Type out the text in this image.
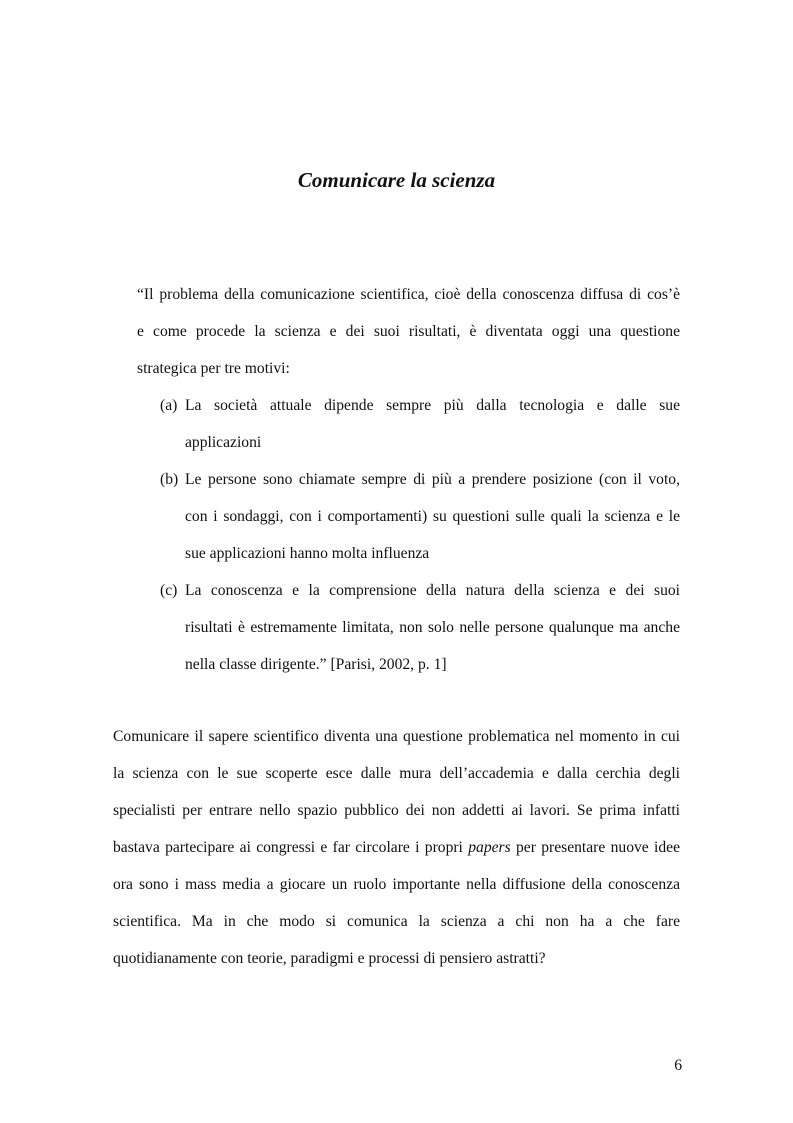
Comunicare la scienza
“Il problema della comunicazione scientifica, cioè della conoscenza diffusa di cos’è
e come procede la scienza e dei suoi risultati, è diventata oggi una questione
strategica per tre motivi:
(a) La società attuale dipende sempre più dalla tecnologia e dalle sue
applicazioni
(b) Le persone sono chiamate sempre di più a prendere posizione (con il voto,
con i sondaggi, con i comportamenti) su questioni sulle quali la scienza e le
sue applicazioni hanno molta influenza
(c) La conoscenza e la comprensione della natura della scienza e dei suoi
risultati è estremamente limitata, non solo nelle persone qualunque ma anche
nella classe dirigente.” [Parisi, 2002, p. 1]
Comunicare il sapere scientifico diventa una questione problematica nel momento in cui
la scienza con le sue scoperte esce dalle mura dell’accademia e dalla cerchia degli
specialisti per entrare nello spazio pubblico dei non addetti ai lavori. Se prima infatti
bastava partecipare ai congressi e far circolare i propri papers per presentare nuove idee
ora sono i mass media a giocare un ruolo importante nella diffusione della conoscenza
scientifica. Ma in che modo si comunica la scienza a chi non ha a che fare
quotidianamente con teorie, paradigmi e processi di pensiero astratti?
6
